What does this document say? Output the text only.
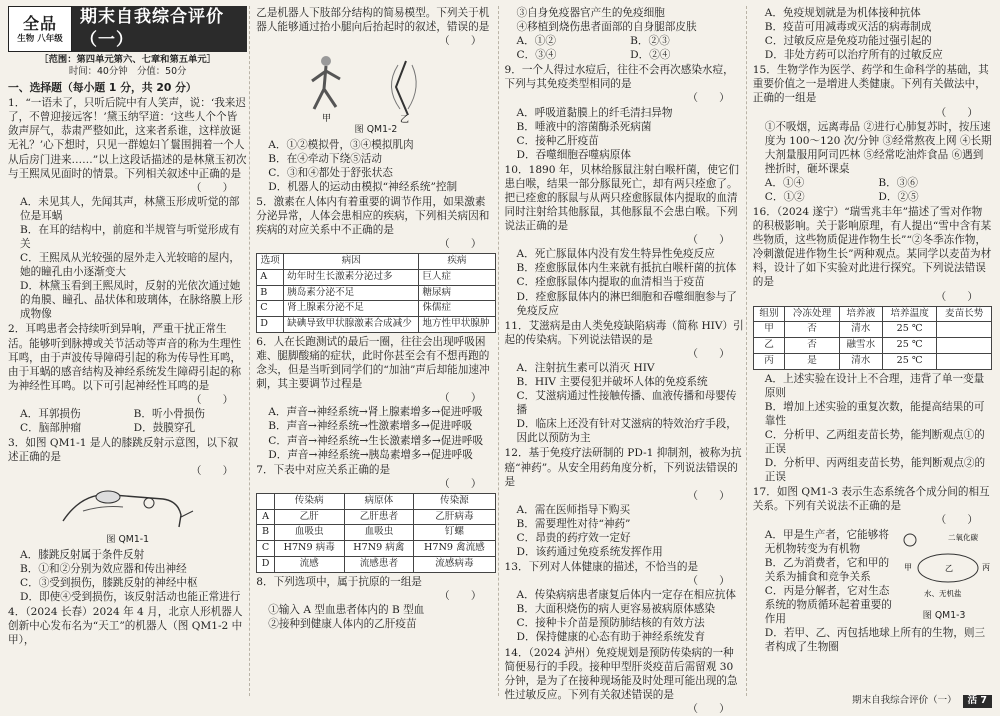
全品
生物 八年级
期末自我综合评价（一）

［范围：第四单元第六、七章和第五单元］

时间：40分钟　分值：50分

一、选择题（每小题 1 分，共 20 分）

1．“一语未了，只听后院中有人笑声，说：‘我来迟了，不曾迎接远客！’黛玉纳罕道：‘这些人个个皆敛声屏气，恭肃严整如此，这来者系谁，这样放诞无礼？’心下想时，只见一群媳妇丫鬟围拥着一个人从后房门进来……”以上这段话描述的是林黛玉初次与王熙凤见面时的情景。下列相关叙述中正确的是

（　　）

A．未见其人，先闻其声，林黛玉形成听觉的部位是耳蜗

B．在耳的结构中，前庭和半规管与听觉形成有关

C．王熙凤从光较强的屋外走入光较暗的屋内，她的瞳孔由小逐渐变大

D．林黛玉看到王熙凤时，反射的光依次通过她的角膜、瞳孔、晶状体和玻璃体，在脉络膜上形成物像

2．耳鸣患者会持续听到异响，严重干扰正常生活。能够听到脉搏或关节活动等声音的称为生理性耳鸣，由于声波传导障碍引起的称为传导性耳鸣，由于耳蜗的感音结构及神经系统发生障碍引起的称为神经性耳鸣。以下可引起神经性耳鸣的是

（　　）

A．耳郭损伤	B．听小骨损伤
C．脑部肿瘤	D．鼓膜穿孔

3．如图 QM1-1 是人的膝跳反射示意图，以下叙述正确的是

（　　）

图 QM1-1

A．膝跳反射属于条件反射

B．①和②分别为效应器和传出神经

C．③受到损伤，膝跳反射的神经中枢

D．即使④受到损伤，该反射活动也能正常进行

4．（2024 长春）2024 年 4 月，北京人形机器人创新中心发布名为“天工”的机器人（图 QM1-2 中甲），

乙是机器人下肢部分结构的简易模型。下列关于机器人能够通过抬小腿向后抬起时的叙述，错误的是

（　　）

甲	乙

图 QM1-2

A．①②模拟骨，③④模拟肌肉

B．在④牵动下绕⑤活动

C．③和④都处于舒张状态

D．机器人的运动由模拟“神经系统”控制

5．激素在人体内有着重要的调节作用，如果激素分泌异常，人体会患相应的疾病，下列相关病因和疾病的对应关系中不正确的是

（　　）

选项	病因	疾病
A	幼年时生长激素分泌过多	巨人症
B	胰岛素分泌不足	糖尿病
C	肾上腺素分泌不足	侏儒症
D	缺碘导致甲状腺激素合成减少	地方性甲状腺肿

6．人在长跑测试的最后一圈，往往会出现呼吸困难、腿脚酸痛的症状，此时你甚至会有不想再跑的念头，但是当听到同学们的“加油”声后却能加速冲刺，其主要调节过程是

（　　）

A．声音→神经系统→肾上腺素增多→促进呼吸

B．声音→神经系统→性激素增多→促进呼吸

C．声音→神经系统→生长激素增多→促进呼吸

D．声音→神经系统→胰岛素增多→促进呼吸

7．下表中对应关系正确的是

（　　）

	传染病	病原体	传染源
A	乙肝	乙肝患者	乙肝病毒
B	血吸虫	血吸虫	钉螺
C	H7N9 病毒	H7N9 病禽	H7N9 禽流感
D	流感	流感患者	流感病毒

8．下列选项中，属于抗原的一组是

（　　）

①输入 A 型血患者体内的 B 型血

②接种到健康人体内的乙肝疫苗

③自身免疫器官产生的免疫细胞

④移植到烧伤患者面部的自身腿部皮肤

A．①②	B．②③
C．③④	D．②④

9．一个人得过水痘后，往往不会再次感染水痘，下列与其免疫类型相同的是

（　　）

A．呼吸道黏膜上的纤毛清扫异物

B．唾液中的溶菌酶杀死病菌

C．接种乙肝疫苗

D．吞噬细胞吞噬病原体

10．1890 年，贝林给豚鼠注射白喉杆菌，使它们患白喉，结果一部分豚鼠死亡，却有两只痊愈了。把已痊愈的豚鼠与从两只痊愈豚鼠体内提取的血清同时注射给其他豚鼠，其他豚鼠不会患白喉。下列说法正确的是

（　　）

A．死亡豚鼠体内没有发生特异性免疫反应

B．痊愈豚鼠体内生来就有抵抗白喉杆菌的抗体

C．痊愈豚鼠体内提取的血清相当于疫苗

D．痊愈豚鼠体内的淋巴细胞和吞噬细胞参与了免疫反应

11．艾滋病是由人类免疫缺陷病毒（简称 HIV）引起的传染病。下列说法错误的是

（　　）

A．注射抗生素可以消灭 HIV

B．HIV 主要侵犯并破坏人体的免疫系统

C．艾滋病通过性接触传播、血液传播和母婴传播

D．临床上还没有针对艾滋病的特效治疗手段，因此以预防为主

12．基于免疫疗法研制的 PD-1 抑制剂，被称为抗癌“神药”。从安全用药角度分析，下列说法错误的是

（　　）

A．需在医师指导下购买

B．需要理性对待“神药”

C．昂贵的药疗效一定好

D．该药通过免疫系统发挥作用

13．下列对人体健康的描述，不恰当的是

（　　）

A．传染病病患者康复后体内一定存在相应抗体

B．大面积烧伤的病人更容易被病原体感染

C．接种卡介苗是预防肺结核的有效方法

D．保持健康的心态有助于神经系统发育

14．（2024 泸州）免疫规划是预防传染病的一种简便易行的手段。接种甲型肝炎疫苗后需留观 30 分钟，是为了在接种现场能及时处理可能出现的急性过敏反应。下列有关叙述错误的是

（　　）

A．免疫规划就是为机体接种抗体

B．疫苗可用减毒或灭活的病毒制成

C．过敏反应是免疫功能过强引起的

D．非处方药可以治疗所有的过敏反应

15．生物学作为医学、药学和生命科学的基础，其重要价值之一是增进人类健康。下列有关做法中，正确的一组是

（　　）

①不吸烟，远离毒品 ②进行心肺复苏时，按压速度为 100～120 次/分钟 ③经常熬夜上网 ④长期大剂量服用阿司匹林 ⑤经常吃油炸食品 ⑥遇到挫折时，砸坏课桌

A．①④	B．③⑥
C．①②	D．②⑤

16．（2024 遂宁）“瑞雪兆丰年”描述了雪对作物的积极影响。关于影响原理，有人提出“雪中含有某些物质，这些物质促进作物生长”“②冬季冻作物，冷刺激促进作物生长”两种观点。某同学以麦苗为材料，设计了如下实验对此进行探究。下列说法错误的是

（　　）

组别	冷冻处理	培养液	培养温度	麦苗长势
甲	否	清水	25 ℃	
乙	否	融雪水	25 ℃	
丙	是	清水	25 ℃	

A．上述实验在设计上不合理，违背了单一变量原则

B．增加上述实验的重复次数，能提高结果的可靠性

C．分析甲、乙两组麦苗长势，能判断观点①的正误

D．分析甲、丙两组麦苗长势，能判断观点②的正误

17．如图 QM1-3 表示生态系统各个成分间的相互关系。下列有关说法不正确的是

（　　）

A．甲是生产者，它能够将无机物转变为有机物

B．乙为消费者，它和甲的关系为捕食和竞争关系

C．丙是分解者，它对生态系统的物质循环起着重要的作用

二氧化碳
甲	乙	丙
水、无机盐

图 QM1-3

D．若甲、乙、丙包括地球上所有的生物，则三者构成了生物圈

期末自我综合评价（一）	活 7
